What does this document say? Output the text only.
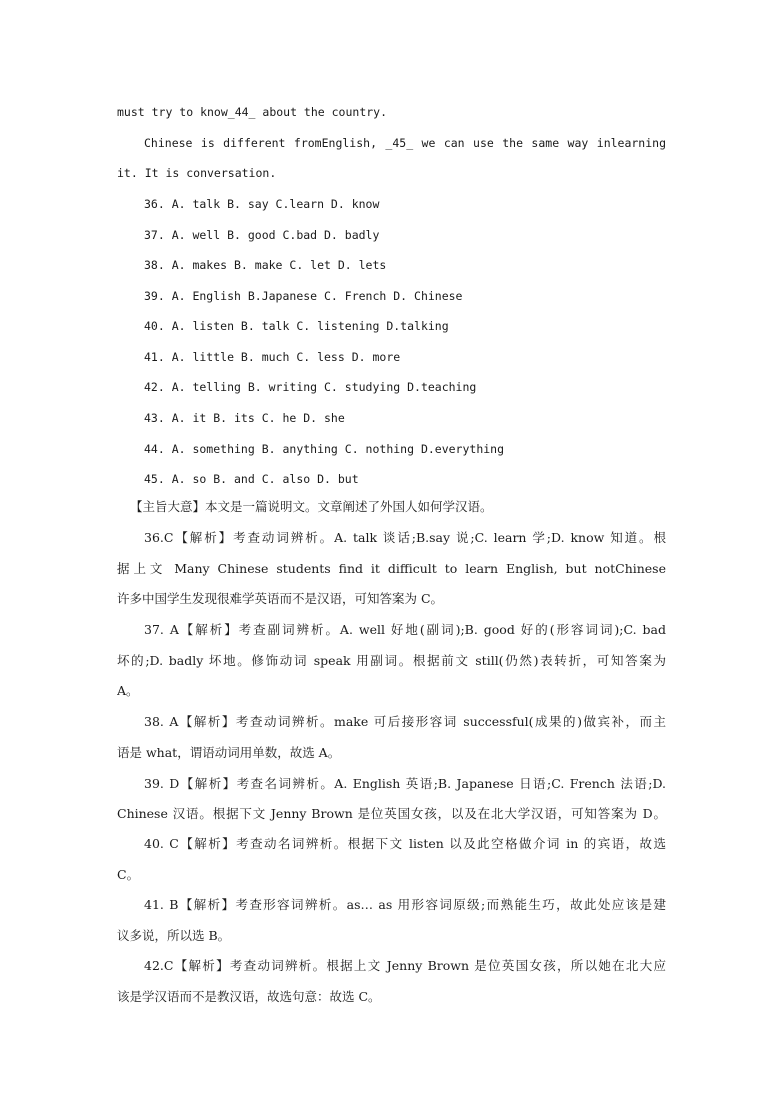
must try to know_44_ about the country.
Chinese is different fromEnglish, _45_ we can use the same way inlearning
it. It is conversation.
36. A. talk B. say C.learn D. know
37. A. well B. good C.bad D. badly
38. A. makes B. make C. let D. lets
39. A. English B.Japanese C. French D. Chinese
40. A. listen B. talk C. listening D.talking
41. A. little B. much C. less D. more
42. A. telling B. writing C. studying D.teaching
43. A. it B. its C. he D. she
44. A. something B. anything C. nothing D.everything
45. A. so B. and C. also D. but
【主旨大意】本文是一篇说明文。文章阐述了外国人如何学汉语。
36.C【解析】考查动词辨析。A. talk 谈话;B.say 说;C. learn 学;D. know 知道。根
据上文 Many Chinese students find it difficult to learn English, but notChinese
许多中国学生发现很难学英语而不是汉语，可知答案为 C。
37. A【解析】考查副词辨析。A. well 好地(副词);B. good 好的(形容词词);C. bad
坏的;D. badly 坏地。修饰动词 speak 用副词。根据前文 still(仍然)表转折，可知答案为
A。
38. A【解析】考查动词辨析。make 可后接形容词 successful(成果的)做宾补，而主
语是 what，谓语动词用单数，故选 A。
39. D【解析】考查名词辨析。A. English 英语;B. Japanese 日语;C. French 法语;D.
Chinese 汉语。根据下文 Jenny Brown 是位英国女孩，以及在北大学汉语，可知答案为 D。
40. C【解析】考查动名词辨析。根据下文 listen 以及此空格做介词 in 的宾语，故选
C。
41. B【解析】考查形容词辨析。as… as 用形容词原级;而熟能生巧，故此处应该是建
议多说，所以选 B。
42.C【解析】考查动词辨析。根据上文 Jenny Brown 是位英国女孩，所以她在北大应
该是学汉语而不是教汉语，故选句意：故选 C。
